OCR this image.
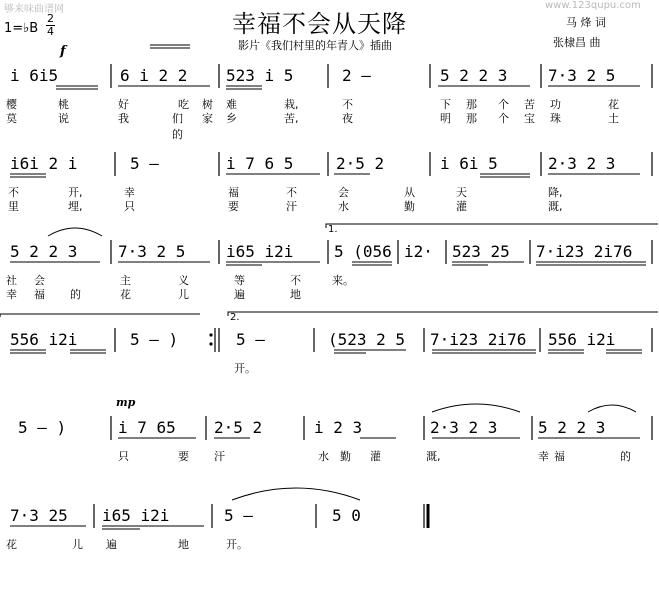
够来味曲谱网	www.123qupu.com
幸福不会从天降
影片《我们村里的年青人》插曲
马 烽 词
张棣昌 曲
1=♭B
2
4
f
i 6i5	6 i 2 2 523 i 5	2 –	5 2 2 3	7·3 2 5
樱	桃	好	吃 树 难	栽,	不	下 那 个 苦 功	花
莫	说	我	们的
家 乡	苦,	夜	明 那 个 宝 珠	土
i6i 2 i	5 –	i 7 6 5	2·5 2	i 6i 5	2·3 2 3
不	开,	幸	福	不	会	从	天	降,
里	埋,	只	要	汗	水	勤	灌	溉,
1.
5 2 2 3	7·3 2 5	i65 i2i	5 (056 i2· 523 25 7·i23 2i76
社 会	主	义	等	不	来。
幸 福 的	花	儿	遍	地
2.
556 i2i	5 – )	5 –	(523 2 5 7·i23 2i76 556 i2i
开。
mp
5 – )	i 7 65 2·5 2	i 2 3	2·3 2 3	5 2 2 3
只	要 汗	水 勤 灌	溉,	幸 福	的
7·3 25 i65 i2i	5 –	5 0
花	儿 遍	地	开。
